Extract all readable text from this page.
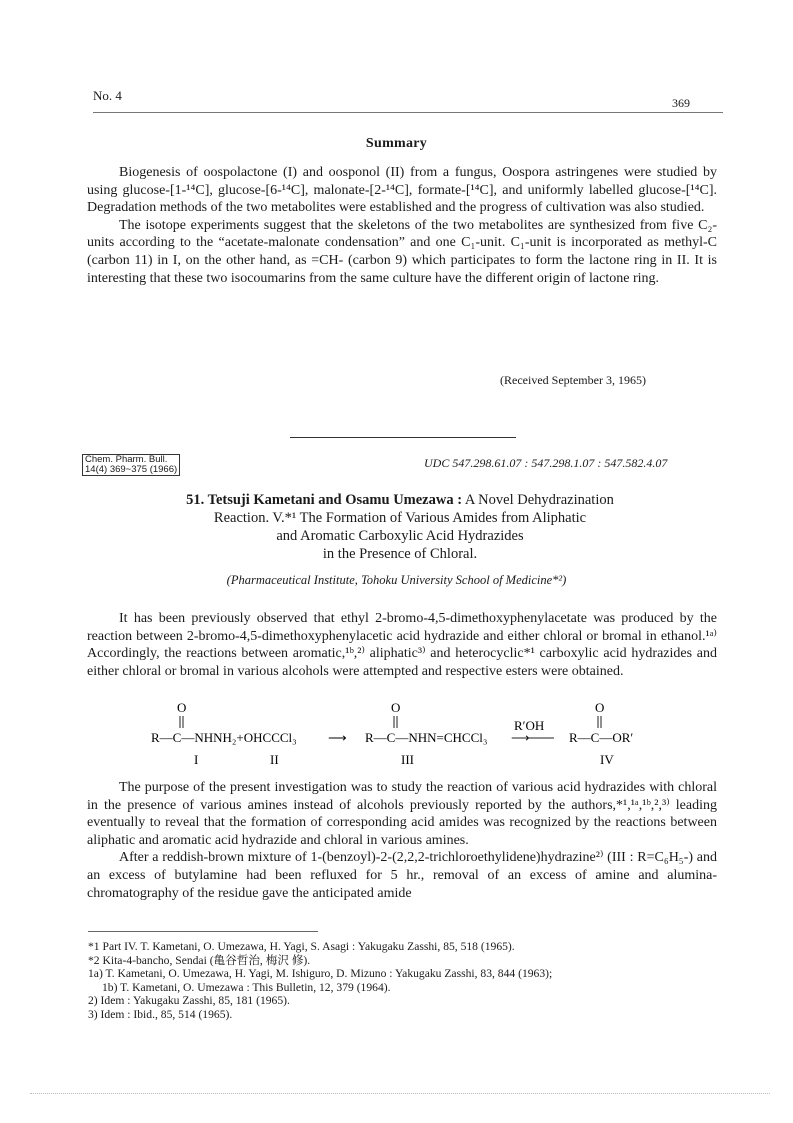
No. 4	369
Summary

Biogenesis of oospolactone (I) and oosponol (II) from a fungus, Oospora astringenes were studied by using glucose-[1-¹⁴C], glucose-[6-¹⁴C], malonate-[2-¹⁴C], formate-[¹⁴C], and uniformly labelled glucose-[¹⁴C]. Degradation methods of the two metabolites were established and the progress of cultivation was also studied.

The isotope experiments suggest that the skeletons of the two metabolites are synthesized from five C₂-units according to the “acetate-malonate condensation” and one C₁-unit. C₁-unit is incorporated as methyl-C (carbon 11) in I, on the other hand, as =CH- (carbon 9) which participates to form the lactone ring in II. It is interesting that these two isocoumarins from the same culture have the different origin of lactone ring.

(Received September 3, 1965)
Chem. Pharm. Bull.
14(4) 369~375 (1966)	UDC 547.298.61.07 : 547.298.1.07 : 547.582.4.07
51. Tetsuji Kametani and Osamu Umezawa : A Novel Dehydrazination
Reaction. V.*¹ The Formation of Various Amides from Aliphatic
and Aromatic Carboxylic Acid Hydrazides
in the Presence of Chloral.
(Pharmaceutical Institute, Tohoku University School of Medicine*²)

It has been previously observed that ethyl 2-bromo-4,5-dimethoxyphenylacetate was produced by the reaction between 2-bromo-4,5-dimethoxyphenylacetic acid hydrazide and either chloral or bromal in ethanol.¹ᵃ⁾ Accordingly, the reactions between aromatic,¹ᵇ,²⁾ aliphatic³⁾ and heterocyclic*¹ carboxylic acid hydrazides and either chloral or bromal in various alcohols were attempted and respective esters were obtained.

O
R—C—NHNH₂+OHCCCl₃ ⟶
O
R—C—NHN=CHCCl₃
R′OH
⟶
O
R—C—OR′
I	II	III	IV

The purpose of the present investigation was to study the reaction of various acid hydrazides with chloral in the presence of various amines instead of alcohols previously reported by the authors,*¹,¹ᵃ,¹ᵇ,²,³⁾ leading eventually to reveal that the formation of corresponding acid amides was recognized by the reactions between aliphatic and aromatic acid hydrazide and chloral in various amines.

After a reddish-brown mixture of 1-(benzoyl)-2-(2,2,2-trichloroethylidene)hydrazine²⁾ (III : R=C₆H₅-) and an excess of butylamine had been refluxed for 5 hr., removal of an excess of amine and alumina-chromatography of the residue gave the anticipated amide

*1 Part IV. T. Kametani, O. Umezawa, H. Yagi, S. Asagi : Yakugaku Zasshi, 85, 518 (1965).
*2 Kita-4-bancho, Sendai (亀谷哲治, 梅沢 修).
1a) T. Kametani, O. Umezawa, H. Yagi, M. Ishiguro, D. Mizuno : Yakugaku Zasshi, 83, 844 (1963);
1b) T. Kametani, O. Umezawa : This Bulletin, 12, 379 (1964).
2) Idem : Yakugaku Zasshi, 85, 181 (1965).
3) Idem : Ibid., 85, 514 (1965).
